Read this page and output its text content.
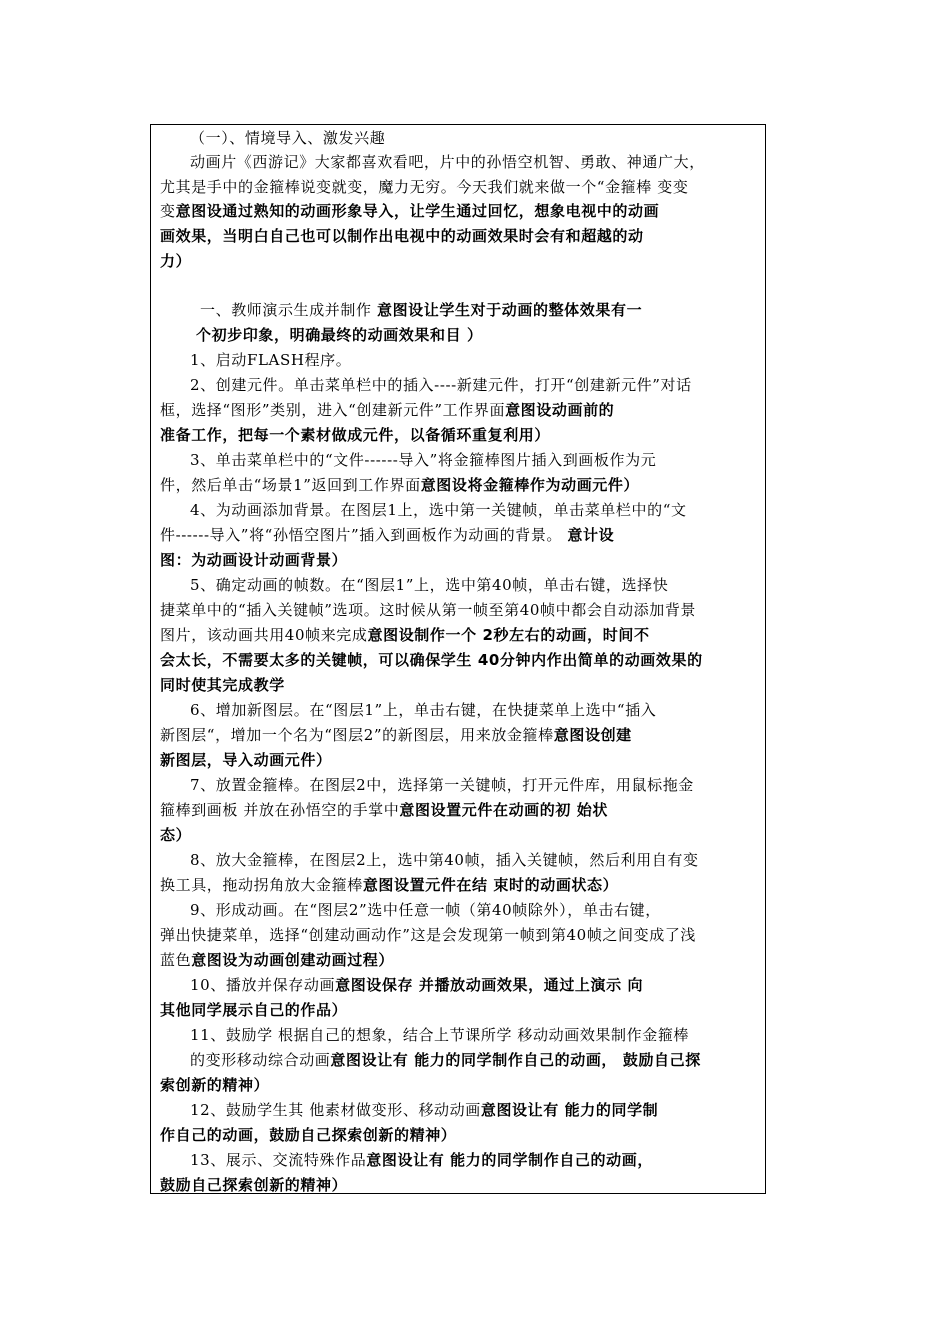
（一）、情境导入、激发兴趣

动画片《西游记》大家都喜欢看吧，片中的孙悟空机智、勇敢、神通广大，

尤其是手中的金箍棒说变就变，魔力无穷。今天我们就来做一个“金箍棒 变变

变意图设通过熟知的动画形象导入，让学生通过回忆，想象电视中的动画

画效果，当明白自己也可以制作出电视中的动画效果时会有和超越的动

力）

一、教师演示生成并制作 意图设让学生对于动画的整体效果有一

个初步印象，明确最终的动画效果和目 ）

1、启动FLASH程序。

2、创建元件。单击菜单栏中的插入----新建元件，打开“创建新元件”对话

框，选择“图形”类别，进入“创建新元件”工作界面意图设动画前的

准备工作，把每一个素材做成元件，以备循环重复利用）

3、单击菜单栏中的“文件------导入”将金箍棒图片插入到画板作为元

件，然后单击“场景1”返回到工作界面意图设将金箍棒作为动画元件）

4、为动画添加背景。在图层1上，选中第一关键帧，单击菜单栏中的“文

件------导入”将“孙悟空图片”插入到画板作为动画的背景。 意计设

图：为动画设计动画背景）

5、确定动画的帧数。在“图层1”上，选中第40帧，单击右键，选择快

捷菜单中的“插入关键帧”选项。这时候从第一帧至第40帧中都会自动添加背景

图片，该动画共用40帧来完成意图设制作一个 2秒左右的动画，时间不

会太长，不需要太多的关键帧，可以确保学生 40分钟内作出简单的动画效果的

同时使其完成教学

6、增加新图层。在“图层1”上，单击右键，在快捷菜单上选中“插入

新图层“，增加一个名为“图层2”的新图层，用来放金箍棒意图设创建

新图层，导入动画元件）

7、放置金箍棒。在图层2中，选择第一关键帧，打开元件库，用鼠标拖金

箍棒到画板 并放在孙悟空的手掌中意图设置元件在动画的初 始状

态）

8、放大金箍棒，在图层2上，选中第40帧，插入关键帧，然后利用自有变

换工具，拖动拐角放大金箍棒意图设置元件在结 束时的动画状态）

9、形成动画。在“图层2”选中任意一帧（第40帧除外），单击右键，

弹出快捷菜单，选择“创建动画动作”这是会发现第一帧到第40帧之间变成了浅

蓝色意图设为动画创建动画过程）

10、播放并保存动画意图设保存 并播放动画效果，通过上演示 向

其他同学展示自己的作品）

11、鼓励学 根据自己的想象，结合上节课所学 移动动画效果制作金箍棒

的变形移动综合动画意图设让有 能力的同学制作自己的动画， 鼓励自己探

索创新的精神）

12、鼓励学生其 他素材做变形、移动动画意图设让有 能力的同学制

作自己的动画，鼓励自己探索创新的精神）

13、展示、交流特殊作品意图设让有 能力的同学制作自己的动画，

鼓励自己探索创新的精神）
